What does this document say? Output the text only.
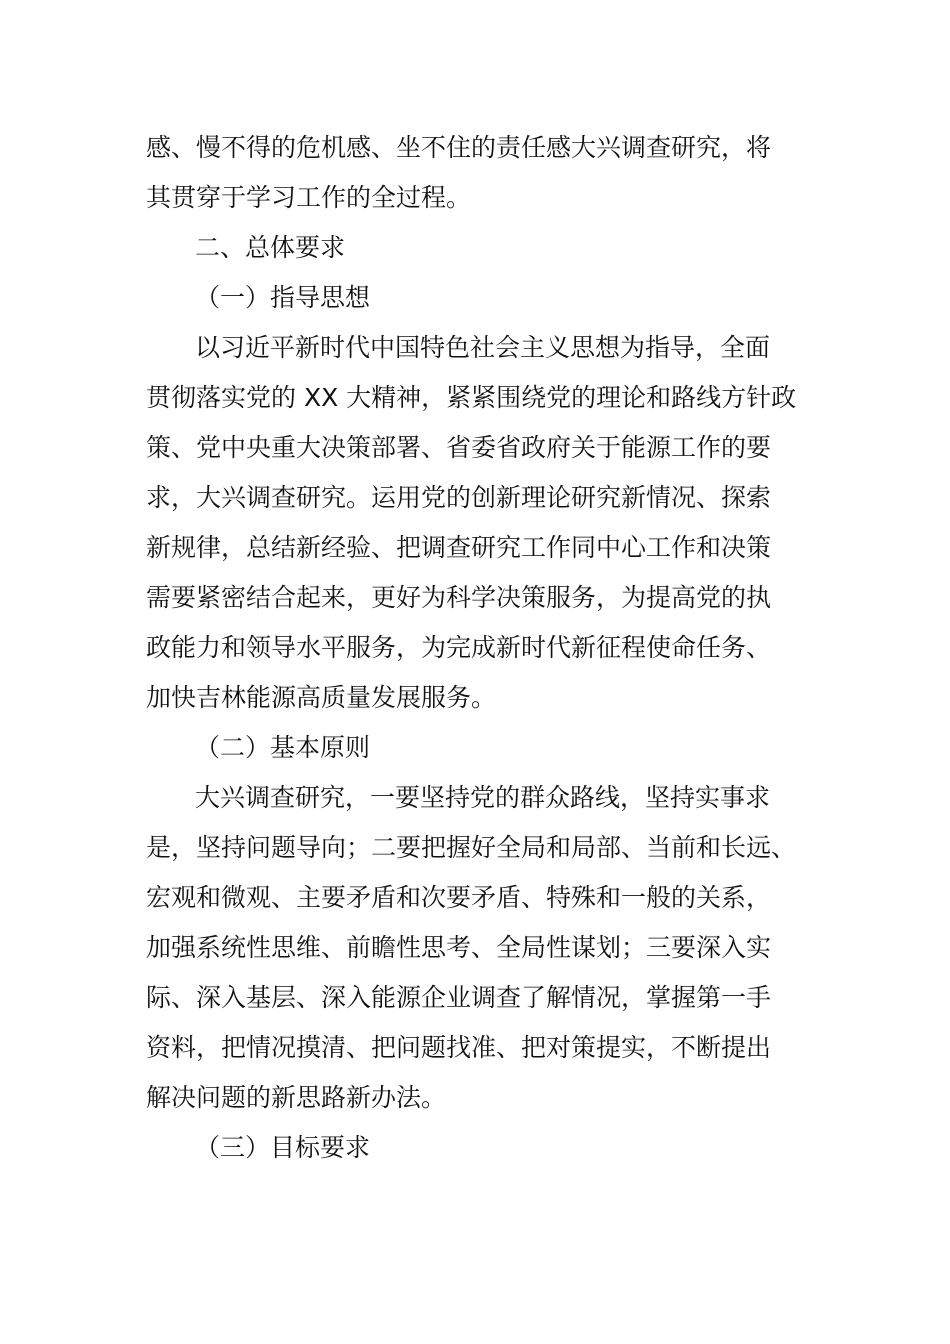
感、慢不得的危机感、坐不住的责任感大兴调查研究，将
其贯穿于学习工作的全过程。
二、总体要求
（一）指导思想
以习近平新时代中国特色社会主义思想为指导，全面
贯彻落实党的 XX 大精神，紧紧围绕党的理论和路线方针政
策、党中央重大决策部署、省委省政府关于能源工作的要
求，大兴调查研究。运用党的创新理论研究新情况、探索
新规律，总结新经验、把调查研究工作同中心工作和决策
需要紧密结合起来，更好为科学决策服务，为提高党的执
政能力和领导水平服务，为完成新时代新征程使命任务、
加快吉林能源高质量发展服务。
（二）基本原则
大兴调查研究，一要坚持党的群众路线，坚持实事求
是，坚持问题导向；二要把握好全局和局部、当前和长远、
宏观和微观、主要矛盾和次要矛盾、特殊和一般的关系，
加强系统性思维、前瞻性思考、全局性谋划；三要深入实
际、深入基层、深入能源企业调查了解情况，掌握第一手
资料，把情况摸清、把问题找准、把对策提实，不断提出
解决问题的新思路新办法。
（三）目标要求
